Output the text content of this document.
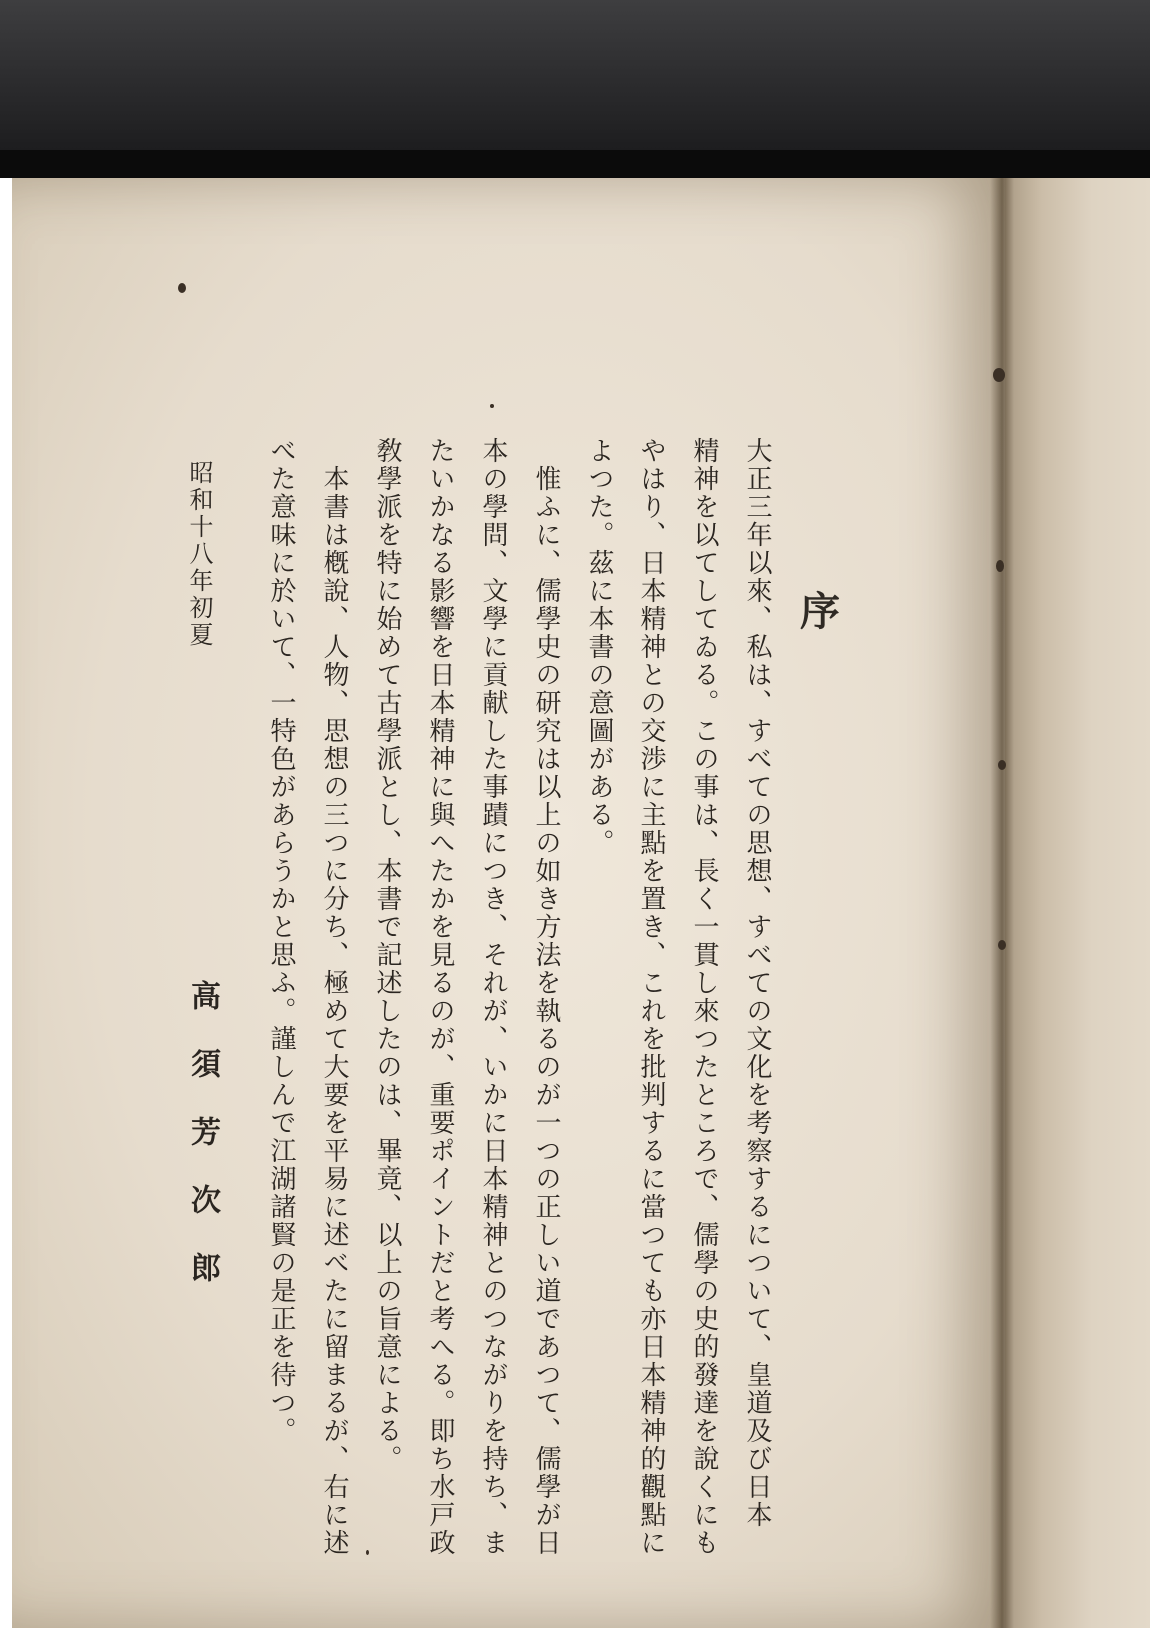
序
大正三年以來、私は、すべての思想、すべての文化を考察するについて、皇道及び日本
精神を以てしてゐる。この事は、長く一貫し來つたところで、儒學の史的發達を說くにも
やはり、日本精神との交渉に主點を置き、これを批判するに當つても亦日本精神的觀點に
よつた。茲に本書の意圖がある。
　惟ふに、儒學史の研究は以上の如き方法を執るのが一つの正しい道であつて、儒學が日
本の學問、文學に貢献した事蹟につき、それが、いかに日本精神とのつながりを持ち、ま
たいかなる影響を日本精神に與へたかを見るのが、重要ポイントだと考へる。即ち水戸政
敎學派を特に始めて古學派とし、本書で記述したのは、畢竟、以上の旨意による。
　本書は槪說、人物、思想の三つに分ち、極めて大要を平易に述べたに留まるが、右に述
べた意味に於いて、一特色があらうかと思ふ。謹しんで江湖諸賢の是正を待つ。
昭和十八年初夏
高須芳次郎
